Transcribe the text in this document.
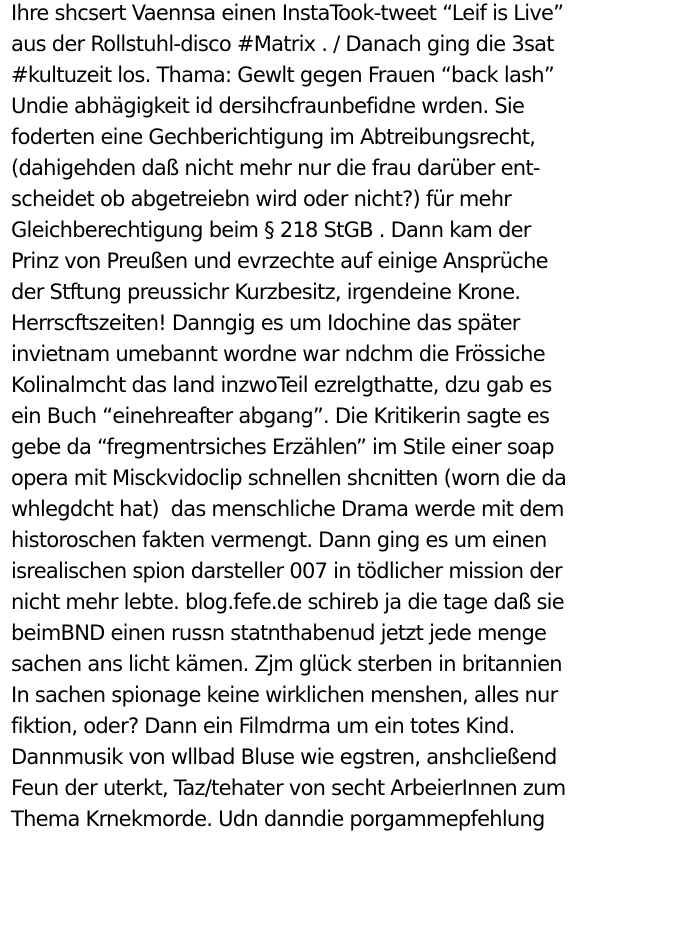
Ihre shcsert Vaennsa einen InstaTook-tweet “Leif is Live”
aus der Rollstuhl-disco #Matrix . / Danach ging die 3sat
#kultuzeit los. Thama: Gewlt gegen Frauen “back lash”
Undie abhägigkeit id dersihcfraunbefidne wrden. Sie
foderten eine Gechberichtigung im Abtreibungsrecht,
(dahigehden daß nicht mehr nur die frau darüber ent-
scheidet ob abgetreiebn wird oder nicht?) für mehr
Gleichberechtigung beim § 218 StGB . Dann kam der
Prinz von Preußen und evrzechte auf einige Ansprüche
der Stftung preussichr Kurzbesitz, irgendeine Krone.
Herrscftszeiten! Danngig es um Idochine das später
invietnam umebannt wordne war ndchm die Frössiche
Kolinalmcht das land inzwoTeil ezrelgthatte, dzu gab es
ein Buch “einehreafter abgang”. Die Kritikerin sagte es
gebe da “fregmentrsiches Erzählen” im Stile einer soap
opera mit Misckvidoclip schnellen shcnitten (worn die da
whlegdcht hat)  das menschliche Drama werde mit dem
historoschen fakten vermengt. Dann ging es um einen
isrealischen spion darsteller 007 in tödlicher mission der
nicht mehr lebte. blog.fefe.de schireb ja die tage daß sie
beimBND einen russn statnthabenud jetzt jede menge
sachen ans licht kämen. Zjm glück sterben in britannien
In sachen spionage keine wirklichen menshen, alles nur
fiktion, oder? Dann ein Filmdrma um ein totes Kind.
Dannmusik von wllbad Bluse wie egstren, anshcließend
Feun der uterkt, Taz/tehater von secht ArbeierInnen zum
Thema Krnekmorde. Udn danndie porgammepfehlung
